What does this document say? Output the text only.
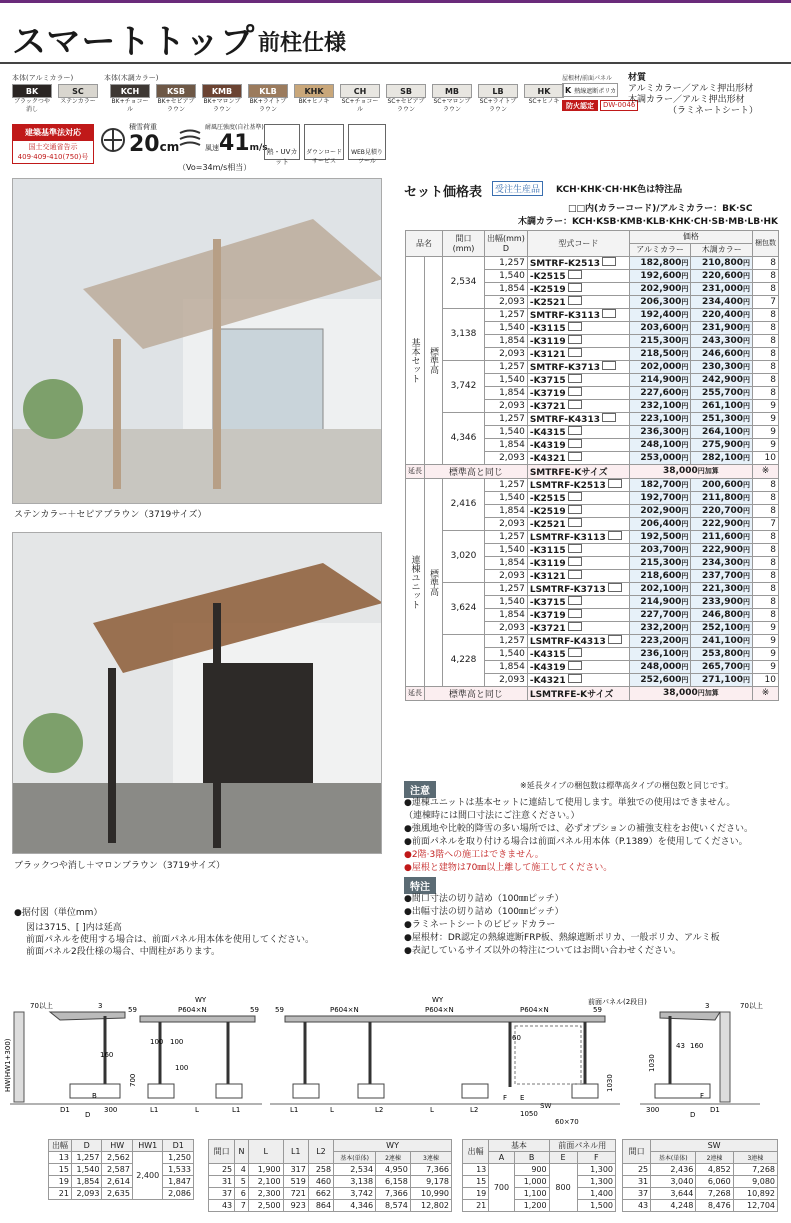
スマートトップ 前柱仕様
本体(アルミカラー)	本体(木調カラー)
BK
ブラックつや消し
SC
ステンカラー
KCH
BK+チョコール
KSB
BK+セピアブラウン
KMB
BK+マロンブラウン
KLB
BK+ライトブラウン
KHK
BK+ヒノキ
CH
SC+チョコール
SB
SC+セピアブラウン
MB
SC+マロンブラウン
LB
SC+ライトブラウン
HK
SC+ヒノキ
屋根材/前面パネル
K 熱線遮断ポリカ
防火認定	DW-0046
材質
アルミカラー／アルミ押出形材
木調カラー／アルミ押出形材
（ラミネートシート）
建築基準法対応
国土交通省告示
409·409-410(750)号
積雪荷重
20cm
耐風圧強度(自社基準)
風速41m/s
（Vo=34m/s相当）
熱・UVカット
ダウンロードサービス
WEB見積りツール
ステンカラー＋セピアブラウン（3719サイズ）
ブラックつや消し＋マロンブラウン（3719サイズ）
セット価格表	受注生産品	KCH·KHK·CH·HK色は特注品
□□内(カラーコード)/アルミカラー：BK·SC
木調カラー：KCH·KSB·KMB·KLB·KHK·CH·SB·MB·LB·HK
品名		間口
(mm)	出幅(mm)
D	型式コード	価格		梱包数
					アルミカラー	木調カラー	
基本セット	標準高	2,534	1,257	SMTRF-K2513	182,800円	210,800円	8
			1,540	-K2515	192,600円	220,600円	8
			1,854	-K2519	202,900円	231,000円	8
			2,093	-K2521	206,300円	234,400円	7
		3,138	1,257	SMTRF-K3113	192,400円	220,400円	8
			1,540	-K3115	203,600円	231,900円	8
			1,854	-K3119	215,300円	243,300円	8
			2,093	-K3121	218,500円	246,600円	8
		3,742	1,257	SMTRF-K3713	202,000円	230,300円	8
			1,540	-K3715	214,900円	242,900円	8
			1,854	-K3719	227,600円	255,700円	8
			2,093	-K3721	232,100円	261,100円	9
		4,346	1,257	SMTRF-K4313	223,100円	251,300円	9
			1,540	-K4315	236,300円	264,100円	9
			1,854	-K4319	248,100円	275,900円	9
			2,093	-K4321	253,000円	282,100円	10
延長	標準高と同じ			SMTRFE-Kサイズ	38,000円加算		※
連棟ユニット	標準高	2,416	1,257	LSMTRF-K2513	182,700円	200,600円	8
			1,540	-K2515	192,700円	211,800円	8
			1,854	-K2519	202,900円	220,700円	8
			2,093	-K2521	206,400円	222,900円	7
		3,020	1,257	LSMTRF-K3113	192,500円	211,600円	8
			1,540	-K3115	203,700円	222,900円	8
			1,854	-K3119	215,300円	234,300円	8
			2,093	-K3121	218,600円	237,700円	8
		3,624	1,257	LSMTRF-K3713	202,100円	221,300円	8
			1,540	-K3715	214,900円	233,900円	8
			1,854	-K3719	227,700円	246,800円	8
			2,093	-K3721	232,200円	252,100円	9
		4,228	1,257	LSMTRF-K4313	223,200円	241,100円	9
			1,540	-K4315	236,100円	253,800円	9
			1,854	-K4319	248,000円	265,700円	9
			2,093	-K4321	252,600円	271,100円	10
延長	標準高と同じ			LSMTRFE-Kサイズ	38,000円加算		※
※延長タイプの梱包数は標準高タイプの梱包数と同じです。
注意
●連棟ユニットは基本セットに連結して使用します。単独での使用はできません。
（連棟時には間口寸法にご注意ください。）
●強風地や比較的降雪の多い場所では、必ずオプションの補強支柱をお使いください。
●前面パネルを取り付ける場合は前面パネル用本体（P.1389）を使用してください。
●2階·3階への施工はできません。
●屋根と建物は70㎜以上離して施工してください。
特注
●間口寸法の切り詰め（100㎜ピッチ）
●出幅寸法の切り詰め（100㎜ピッチ）
●ラミネートシートのビビッドカラー
●屋根材：DR認定の熱線遮断FRP板、熱線遮断ポリカ、一般ポリカ、アルミ板
●表記しているサイズ以外の特注についてはお問い合わせください。
●据付図（単位mm）
図は3715、[ ]内は延高
前面パネルを使用する場合は、前面パネル用本体を使用してください。
前面パネル2段仕様の場合、中間柱があります。
70以上	3
160
D
D1	300
B
HW(HW1+300)
WY
P604×N
59	59
100 100
100
L
L1	L1
700
WY
P604×N	P604×N	P604×N
59	59
60
E
1050
60×70
SW
F
L	L
L1	L2	L2
前面パネル(2段目)
1030
70以上
3
43 160
D
F
D1
300
1030
出幅	D	HW	HW1	D1
13	1,257	2,562	2,400	1,250
15	1,540	2,587		1,533
19	1,854	2,614		1,847
21	2,093	2,635		2,086
間口	N	L	L1	L2	WY		
					基本(単体)	2連棟	3連棟
25	4	1,900	317	258	2,534	4,950	7,366
31	5	2,100	519	460	3,138	6,158	9,178
37	6	2,300	721	662	3,742	7,366	10,990
43	7	2,500	923	864	4,346	8,574	12,802
出幅	基本		前面パネル用	
	A	B	E	F
13	700	900	800	1,300
15		1,000		1,300
19		1,100		1,400
21		1,200		1,500
間口	SW		
	基本(単体)	2連棟	3連棟
25	2,436	4,852	7,268
31	3,040	6,060	9,080
37	3,644	7,268	10,892
43	4,248	8,476	12,704
